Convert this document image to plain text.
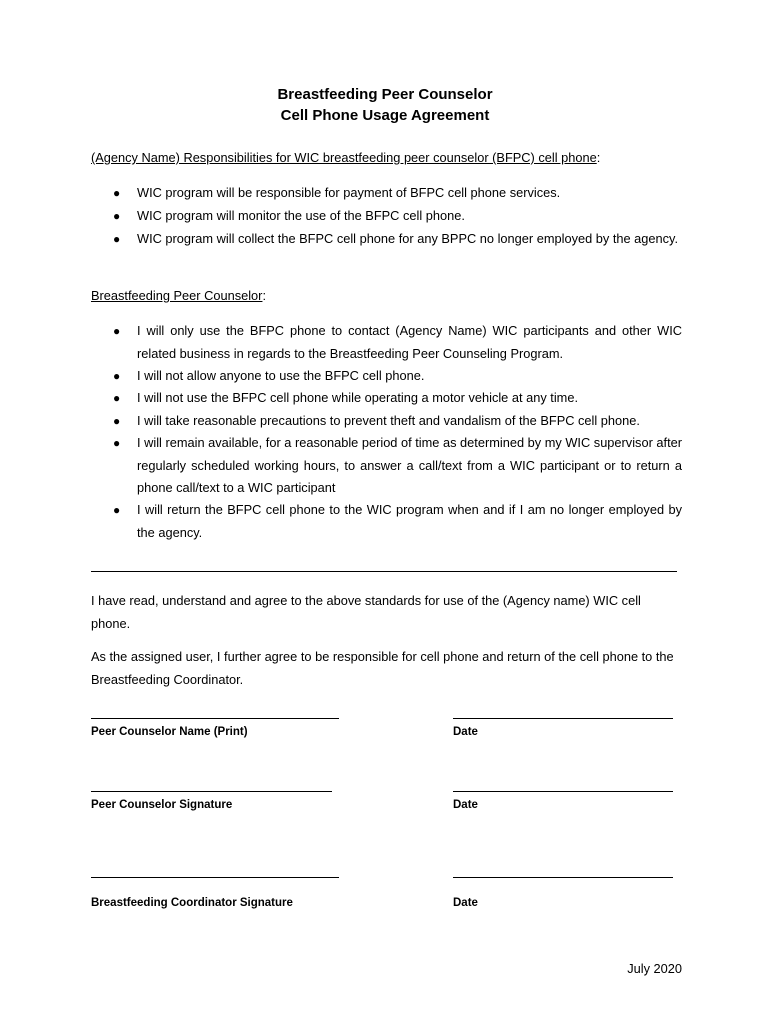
Breastfeeding Peer Counselor
Cell Phone Usage Agreement
(Agency Name) Responsibilities for WIC breastfeeding peer counselor (BFPC) cell phone:
● WIC program will be responsible for payment of BFPC cell phone services.
● WIC program will monitor the use of the BFPC cell phone.
● WIC program will collect the BFPC cell phone for any BPPC no longer employed by the agency.
Breastfeeding Peer Counselor:
● I will only use the BFPC phone to contact (Agency Name) WIC participants and other WIC related business in regards to the Breastfeeding Peer Counseling Program.
● I will not allow anyone to use the BFPC cell phone.
● I will not use the BFPC cell phone while operating a motor vehicle at any time.
● I will take reasonable precautions to prevent theft and vandalism of the BFPC cell phone.
● I will remain available, for a reasonable period of time as determined by my WIC supervisor after regularly scheduled working hours, to answer a call/text from a WIC participant or to return a phone call/text to a WIC participant
● I will return the BFPC cell phone to the WIC program when and if I am no longer employed by the agency.
I have read, understand and agree to the above standards for use of the (Agency name) WIC cell phone.
As the assigned user, I further agree to be responsible for cell phone and return of the cell phone to the Breastfeeding Coordinator.
Peer Counselor Name (Print)	Date
Peer Counselor Signature	Date
Breastfeeding Coordinator Signature	Date
July 2020
